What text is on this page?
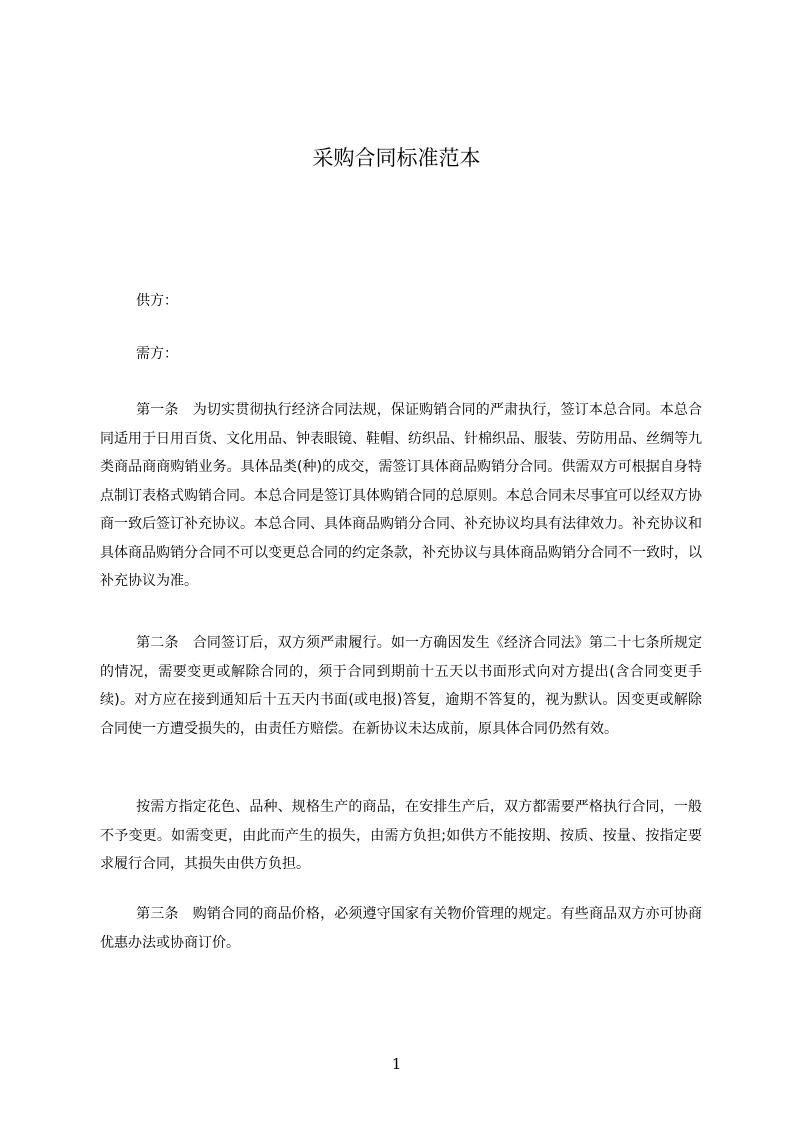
采购合同标准范本
供方：
需方：
第一条 为切实贯彻执行经济合同法规，保证购销合同的严肃执行，签订本总合同。本总合同适用于日用百货、文化用品、钟表眼镜、鞋帽、纺织品、针棉织品、服装、劳防用品、丝绸等九类商品商商购销业务。具体品类(种)的成交，需签订具体商品购销分合同。供需双方可根据自身特点制订表格式购销合同。本总合同是签订具体购销合同的总原则。本总合同未尽事宜可以经双方协商一致后签订补充协议。本总合同、具体商品购销分合同、补充协议均具有法律效力。补充协议和具体商品购销分合同不可以变更总合同的约定条款，补充协议与具体商品购销分合同不一致时，以补充协议为准。
第二条 合同签订后，双方须严肃履行。如一方确因发生《经济合同法》第二十七条所规定的情况，需要变更或解除合同的，须于合同到期前十五天以书面形式向对方提出(含合同变更手续)。对方应在接到通知后十五天内书面(或电报)答复，逾期不答复的，视为默认。因变更或解除合同使一方遭受损失的，由责任方赔偿。在新协议未达成前，原具体合同仍然有效。
按需方指定花色、品种、规格生产的商品，在安排生产后，双方都需要严格执行合同，一般不予变更。如需变更，由此而产生的损失，由需方负担;如供方不能按期、按质、按量、按指定要求履行合同，其损失由供方负担。
第三条 购销合同的商品价格，必须遵守国家有关物价管理的规定。有些商品双方亦可协商优惠办法或协商订价。
1
